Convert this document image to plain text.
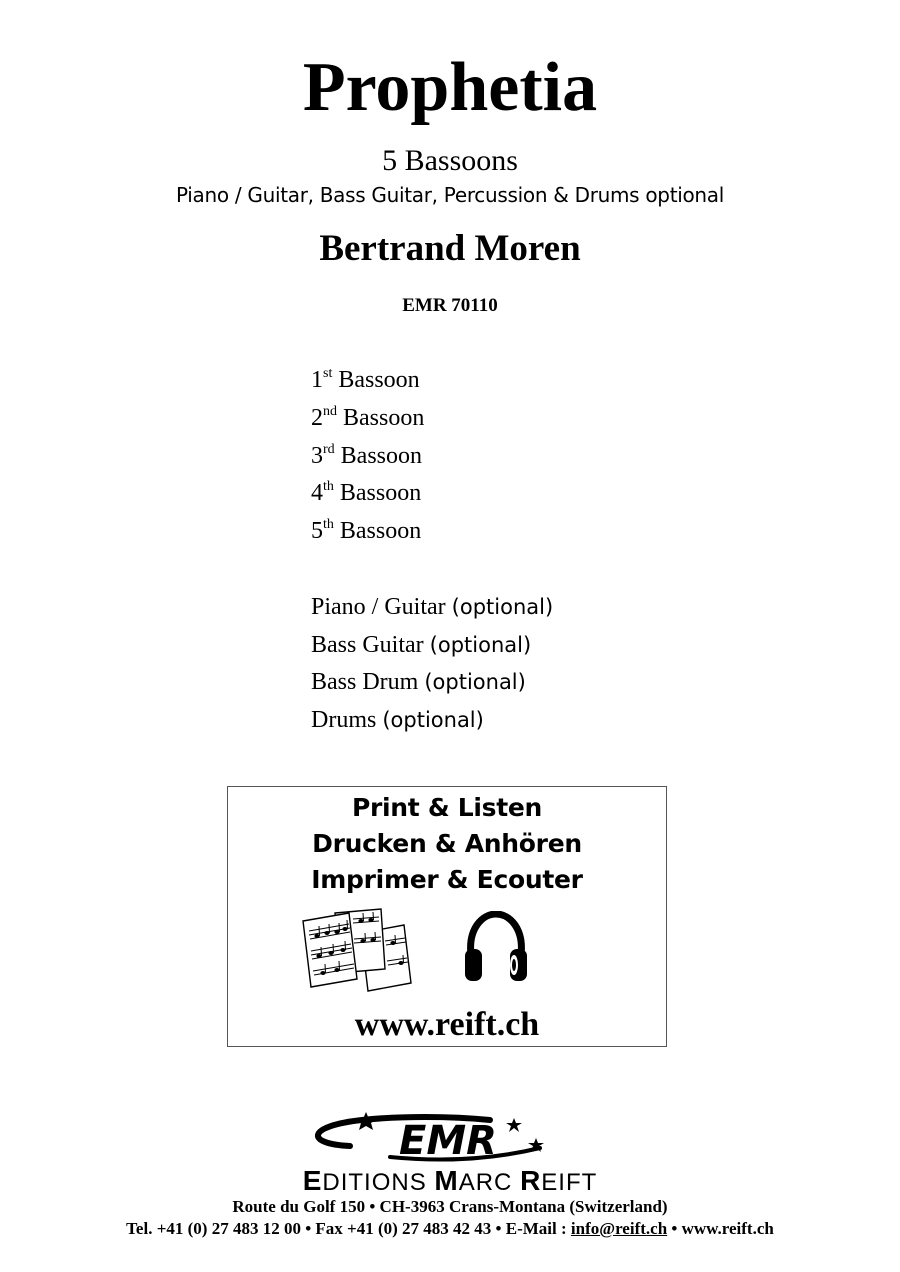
Prophetia
5 Bassoons
Piano / Guitar, Bass Guitar, Percussion & Drums optional
Bertrand Moren
EMR 70110
1st Bassoon
2nd Bassoon
3rd Bassoon
4th Bassoon
5th Bassoon
Piano / Guitar (optional)
Bass Guitar (optional)
Bass Drum (optional)
Drums (optional)
Print & Listen
Drucken & Anhören
Imprimer & Ecouter
www.reift.ch
EMR
EDITIONS MARC REIFT
Route du Golf 150 • CH-3963 Crans-Montana (Switzerland)
Tel. +41 (0) 27 483 12 00 • Fax +41 (0) 27 483 42 43 • E-Mail : info@reift.ch • www.reift.ch
